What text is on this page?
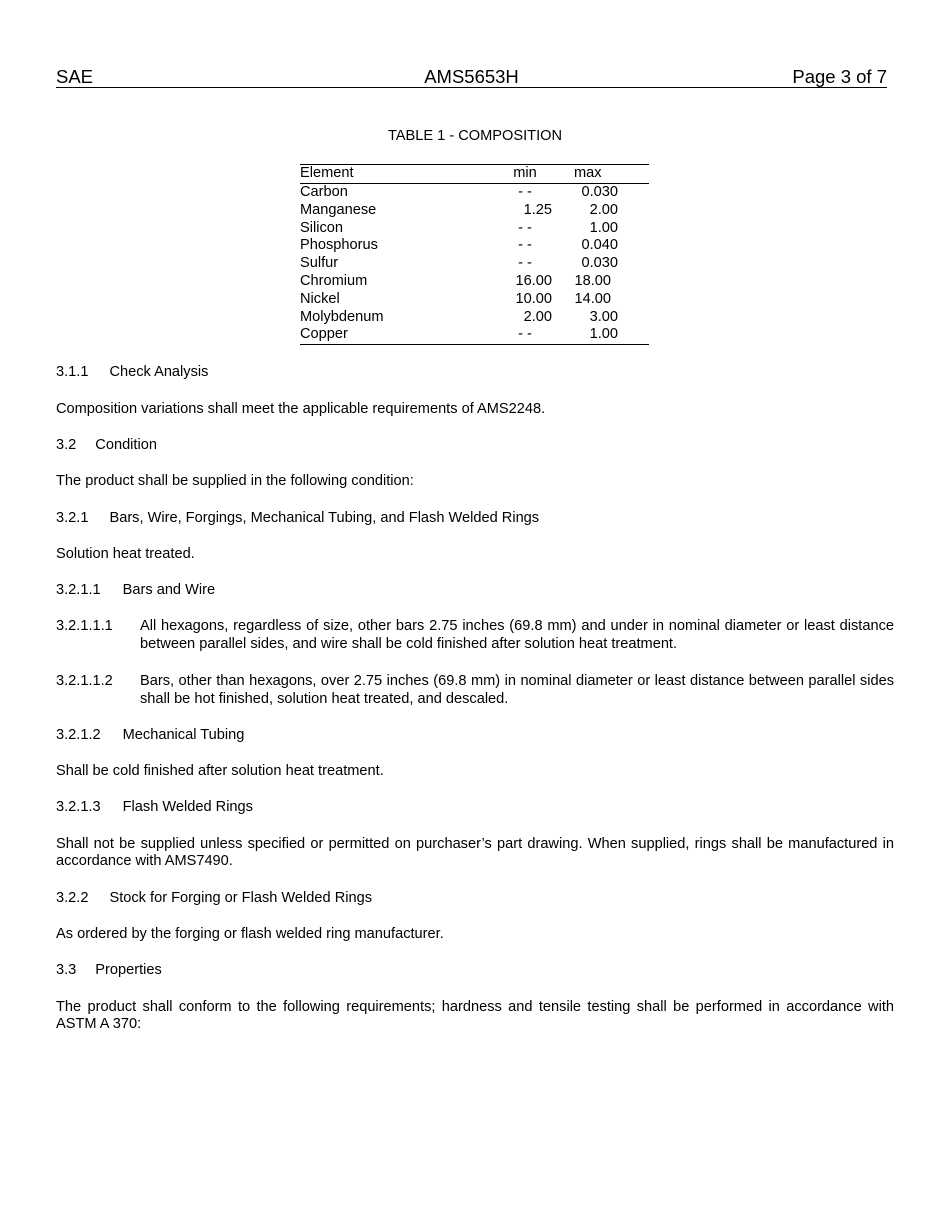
SAE	AMS5653H	Page 3 of 7
TABLE 1 - COMPOSITION
Element	min	max
Carbon	- -	0.030
Manganese	1.25	2.00
Silicon	- -	1.00
Phosphorus	- -	0.040
Sulfur	- -	0.030
Chromium	16.00	18.00
Nickel	10.00	14.00
Molybdenum	2.00	3.00
Copper	- -	1.00
3.1.1 Check Analysis
Composition variations shall meet the applicable requirements of AMS2248.
3.2 Condition
The product shall be supplied in the following condition:
3.2.1 Bars, Wire, Forgings, Mechanical Tubing, and Flash Welded Rings
Solution heat treated.
3.2.1.1 Bars and Wire
3.2.1.1.1 All hexagons, regardless of size, other bars 2.75 inches (69.8 mm) and under in nominal diameter or least distance between parallel sides, and wire shall be cold finished after solution heat treatment.
3.2.1.1.2 Bars, other than hexagons, over 2.75 inches (69.8 mm) in nominal diameter or least distance between parallel sides shall be hot finished, solution heat treated, and descaled.
3.2.1.2 Mechanical Tubing
Shall be cold finished after solution heat treatment.
3.2.1.3 Flash Welded Rings
Shall not be supplied unless specified or permitted on purchaser’s part drawing. When supplied, rings shall be manufactured in accordance with AMS7490.
3.2.2 Stock for Forging or Flash Welded Rings
As ordered by the forging or flash welded ring manufacturer.
3.3 Properties
The product shall conform to the following requirements; hardness and tensile testing shall be performed in accordance with ASTM A 370:
